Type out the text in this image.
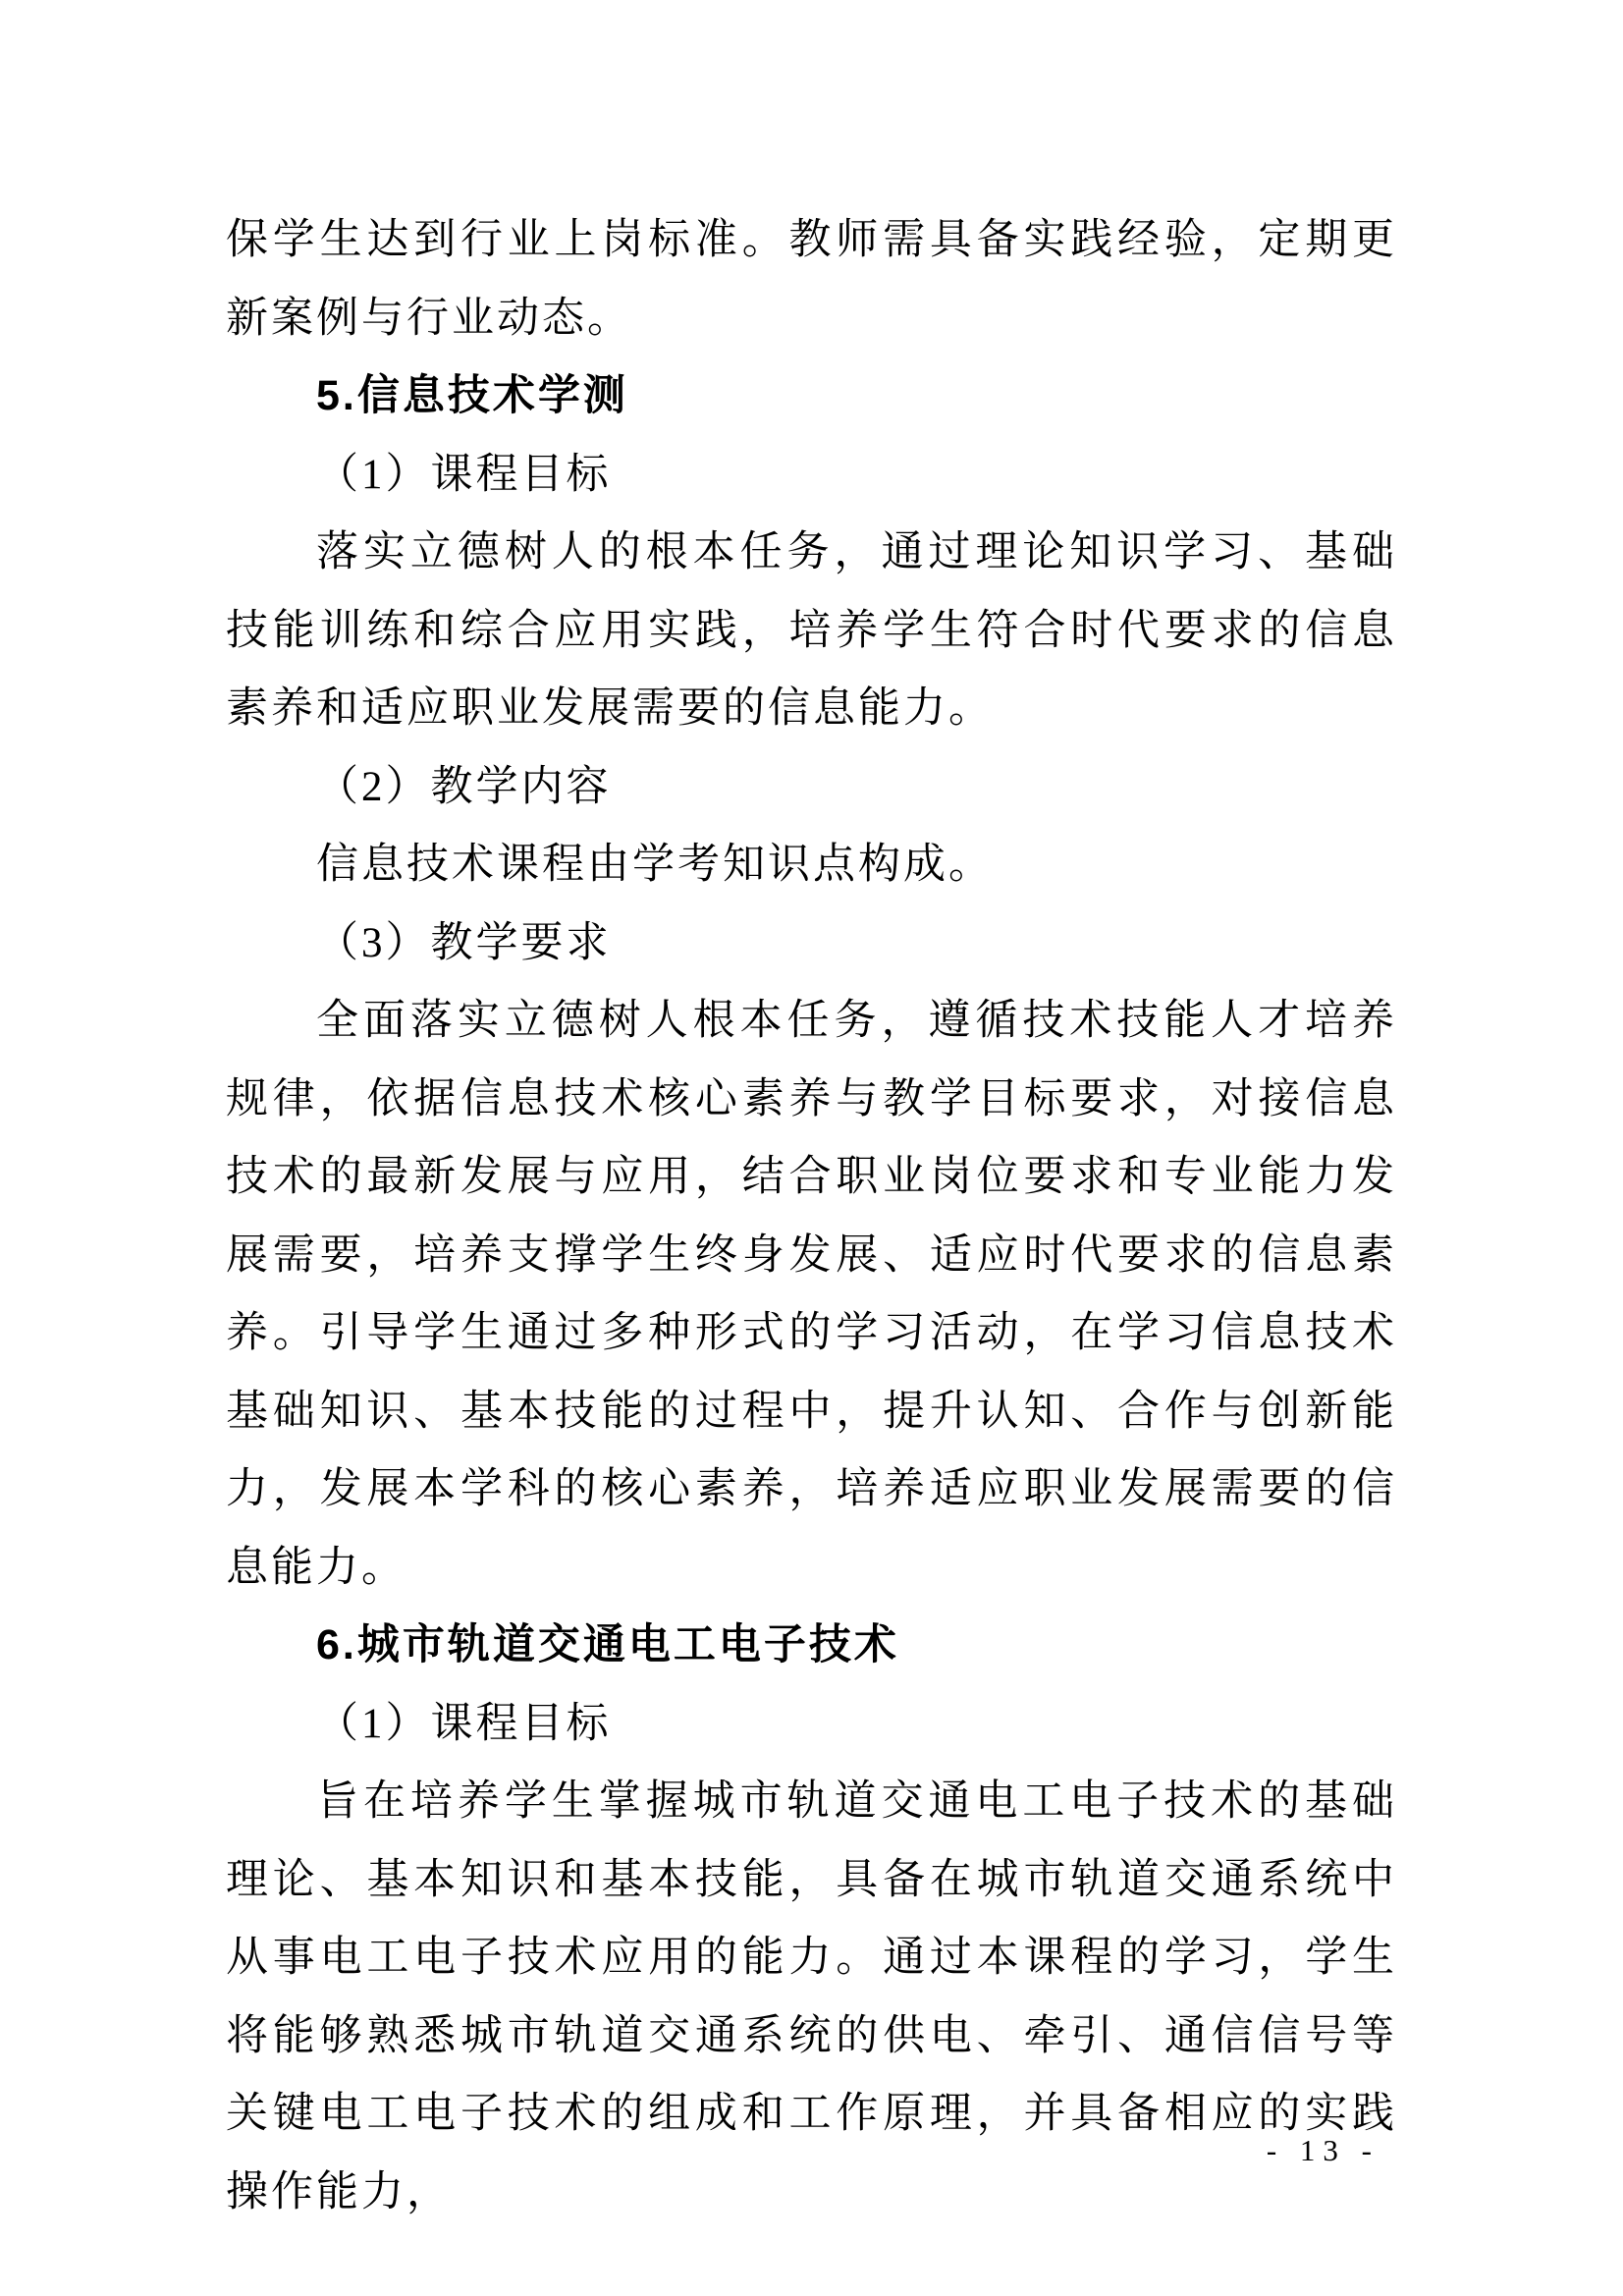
保学生达到行业上岗标准。教师需具备实践经验，定期更新案例与行业动态。

5.信息技术学测

（1）课程目标

落实立德树人的根本任务，通过理论知识学习、基础技能训练和综合应用实践，培养学生符合时代要求的信息素养和适应职业发展需要的信息能力。

（2）教学内容

信息技术课程由学考知识点构成。

（3）教学要求

全面落实立德树人根本任务，遵循技术技能人才培养规律，依据信息技术核心素养与教学目标要求，对接信息技术的最新发展与应用，结合职业岗位要求和专业能力发展需要，培养支撑学生终身发展、适应时代要求的信息素养。引导学生通过多种形式的学习活动，在学习信息技术基础知识、基本技能的过程中，提升认知、合作与创新能力，发展本学科的核心素养，培养适应职业发展需要的信息能力。

6.城市轨道交通电工电子技术

（1）课程目标

旨在培养学生掌握城市轨道交通电工电子技术的基础理论、基本知识和基本技能，具备在城市轨道交通系统中从事电工电子技术应用的能力。通过本课程的学习，学生将能够熟悉城市轨道交通系统的供电、牵引、通信信号等关键电工电子技术的组成和工作原理，并具备相应的实践操作能力，

- 13 -
